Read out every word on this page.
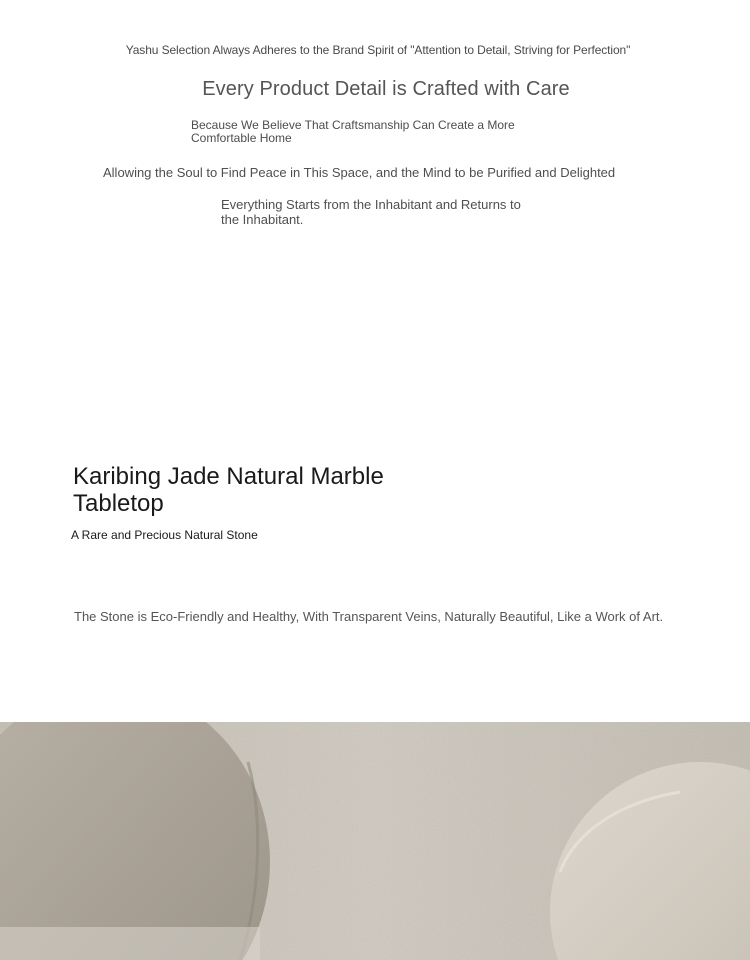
Yashu Selection Always Adheres to the Brand Spirit of "Attention to Detail, Striving for Perfection"
Every Product Detail is Crafted with Care
Because We Believe That Craftsmanship Can Create a More Comfortable Home
Allowing the Soul to Find Peace in This Space, and the Mind to be Purified and Delighted
Everything Starts from the Inhabitant and Returns to the Inhabitant.
Karibing Jade Natural Marble Tabletop
A Rare and Precious Natural Stone
The Stone is Eco-Friendly and Healthy, With Transparent Veins, Naturally Beautiful, Like a Work of Art.
